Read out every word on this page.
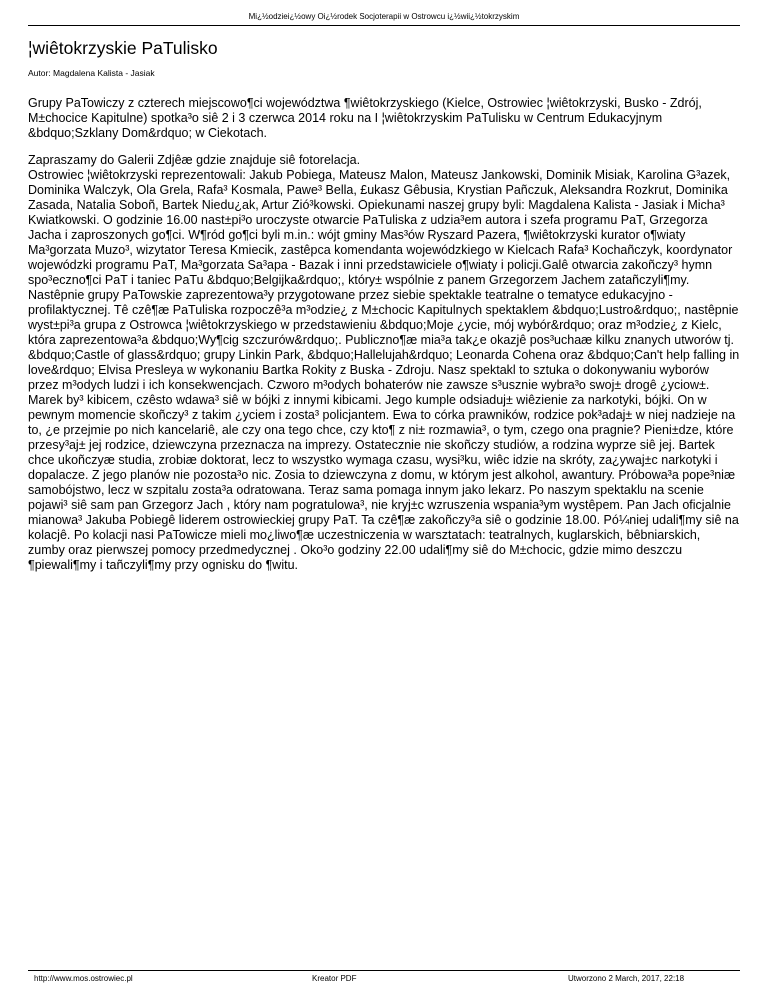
Mi¿½odziei¿½owy Oi¿½rodek Socjoterapii w Ostrowcu i¿½wii¿½tokrzyskim
¦wiêtokrzyskie PaTulisko
Autor: Magdalena Kalista - Jasiak

Grupy PaTowiczy z czterech miejscowo¶ci województwa ¶wiêtokrzyskiego (Kielce, Ostrowiec ¦wiêtokrzyski, Busko - Zdrój, M±chocice Kapitulne) spotka³o siê 2 i 3 czerwca 2014 roku na I ¦wiêtokrzyskim PaTulisku w Centrum Edukacyjnym &bdquo;Szklany Dom&rdquo; w Ciekotach.

Zapraszamy do Galerii Zdjêæ gdzie znajduje siê fotorelacja.
Ostrowiec ¦wiêtokrzyski reprezentowali: Jakub Pobiega, Mateusz Malon, Mateusz Jankowski, Dominik Misiak, Karolina G³azek, Dominika Walczyk, Ola Grela, Rafa³ Kosmala, Pawe³ Bella, £ukasz Gêbusia, Krystian Pañczuk, Aleksandra Rozkrut, Dominika Zasada, Natalia Soboñ, Bartek Niedu¿ak, Artur Zió³kowski. Opiekunami naszej grupy byli: Magdalena Kalista - Jasiak i Micha³ Kwiatkowski. O godzinie 16.00 nast±pi³o uroczyste otwarcie PaTuliska z udzia³em autora i szefa programu PaT, Grzegorza Jacha i zaproszonych go¶ci. W¶ród go¶ci byli m.in.: wójt gminy Mas³ów Ryszard Pazera, ¶wiêtokrzyski kurator o¶wiaty Ma³gorzata Muzo³, wizytator Teresa Kmiecik, zastêpca komendanta wojewódzkiego w Kielcach Rafa³ Kochañczyk, koordynator wojewódzki programu PaT, Ma³gorzata Sa³apa - Bazak i inni przedstawiciele o¶wiaty i policji.Galê otwarcia zakoñczy³ hymn spo³eczno¶ci PaT i taniec PaTu &bdquo;Belgijka&rdquo;, który± wspólnie z panem Grzegorzem Jachem zatañczyli¶my. Nastêpnie grupy PaTowskie zaprezentowa³y przygotowane przez siebie spektakle teatralne o tematyce edukacyjno - profilaktycznej. Tê czê¶æ PaTuliska rozpoczê³a m³odzie¿ z M±chocic Kapitulnych spektaklem &bdquo;Lustro&rdquo;, nastêpnie wyst±pi³a grupa z Ostrowca ¦wiêtokrzyskiego w przedstawieniu &bdquo;Moje ¿ycie, mój wybór&rdquo; oraz m³odzie¿ z Kielc, która zaprezentowa³a &bdquo;Wy¶cig szczurów&rdquo;. Publiczno¶æ mia³a tak¿e okazjê pos³uchaæ kilku znanych utworów tj. &bdquo;Castle of glass&rdquo; grupy Linkin Park, &bdquo;Hallelujah&rdquo; Leonarda Cohena oraz &bdquo;Can't help falling in love&rdquo; Elvisa Presleya w wykonaniu Bartka Rokity z Buska - Zdroju. Nasz spektakl to sztuka o dokonywaniu wyborów przez m³odych ludzi i ich konsekwencjach. Czworo m³odych bohaterów nie zawsze s³usznie wybra³o swoj± drogê ¿yciow±. Marek by³ kibicem, czêsto wdawa³ siê w bójki z innymi kibicami. Jego kumple odsiaduj± wiêzienie za narkotyki, bójki. On w pewnym momencie skoñczy³ z takim ¿yciem i zosta³ policjantem. Ewa to córka prawników, rodzice pok³adaj± w niej nadzieje na to, ¿e przejmie po nich kancelariê, ale czy ona tego chce, czy kto¶ z ni± rozmawia³, o tym, czego ona pragnie? Pieni±dze, które przesy³aj± jej rodzice, dziewczyna przeznacza na imprezy. Ostatecznie nie skoñczy studiów, a rodzina wyprze siê jej. Bartek chce ukoñczyæ studia, zrobiæ doktorat, lecz to wszystko wymaga czasu, wysi³ku, wiêc idzie na skróty, za¿ywaj±c narkotyki i dopalacze. Z jego planów nie pozosta³o nic. Zosia to dziewczyna z domu, w którym jest alkohol, awantury. Próbowa³a pope³niæ samobójstwo, lecz w szpitalu zosta³a odratowana. Teraz sama pomaga innym jako lekarz. Po naszym spektaklu na scenie pojawi³ siê sam pan Grzegorz Jach , który nam pogratulowa³, nie kryj±c wzruszenia wspania³ym wystêpem. Pan Jach oficjalnie mianowa³ Jakuba Pobiegê liderem ostrowieckiej grupy PaT. Ta czê¶æ zakoñczy³a siê o godzinie 18.00. Pó¼niej udali¶my siê na kolacjê. Po kolacji nasi PaTowicze mieli mo¿liwo¶æ uczestniczenia w warsztatach: teatralnych, kuglarskich, bêbniarskich, zumby oraz pierwszej pomocy przedmedycznej . Oko³o godziny 22.00 udali¶my siê do M±chocic, gdzie mimo deszczu ¶piewali¶my i tañczyli¶my przy ognisku do ¶witu.

http://www.mos.ostrowiec.pl	Kreator PDF	Utworzono 2 March, 2017, 22:18
